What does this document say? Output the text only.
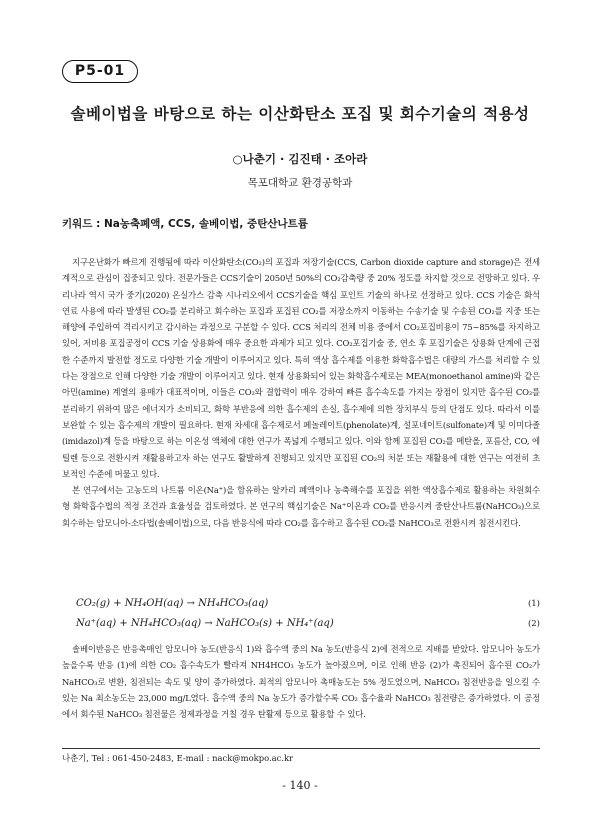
P5-01
솔베이법을 바탕으로 하는 이산화탄소 포집 및 회수기술의 적용성
○나춘기 · 김진태 · 조아라
목포대학교 환경공학과
키워드 : Na농축폐액, CCS, 솔베이법, 중탄산나트륨

지구온난화가 빠르게 진행됨에 따라 이산화탄소(CO₂)의 포집과 저장기술(CCS, Carbon dioxide capture and storage)은 전세계적으로 관심이 집중되고 있다. 전문가들은 CCS기술이 2050년 50%의 CO₂감축량 중 20% 정도를 차지할 것으로 전망하고 있다. 우리나라 역시 국가 중기(2020) 온실가스 감축 시나리오에서 CCS기술을 핵심 포인트 기술의 하나로 선정하고 있다. CCS 기술은 화석연료 사용에 따라 발생된 CO₂를 분리하고 회수하는 포집과 포집된 CO₂를 저장소까지 이동하는 수송기술 및 수송된 CO₂를 지중 또는 해양에 주입하여 격리시키고 감시하는 과정으로 구분할 수 있다. CCS 처리의 전체 비용 중에서 CO₂포집비용이 75~85%를 차지하고 있어, 저비용 포집공정이 CCS 기술 상용화에 매우 중요한 과제가 되고 있다. CO₂포집기술 중, 연소 후 포집기술은 상용화 단계에 근접한 수준까지 발전할 정도로 다양한 기술 개발이 이루어지고 있다. 특히 액상 흡수제를 이용한 화학흡수법은 대량의 가스를 처리할 수 있다는 장점으로 인해 다양한 기술 개발이 이루어지고 있다. 현재 상용화되어 있는 화학흡수제로는 MEA(monoethanol amine)와 같은 아민(amine) 계열의 용매가 대표적이며, 이들은 CO₂와 결합력이 매우 강하여 빠른 흡수속도를 가지는 장점이 있지만 흡수된 CO₂를 분리하기 위하여 많은 에너지가 소비되고, 화학 부반응에 의한 흡수제의 손실, 흡수제에 의한 장치부식 등의 단점도 있다. 따라서 이를 보완할 수 있는 흡수제의 개발이 필요하다. 현재 차세대 흡수제로서 페놀레이트(phenolate)계, 설포네이트(sulfonate)계 및 이미다졸(imidazol)계 등을 바탕으로 하는 이온성 액체에 대한 연구가 폭넓게 수행되고 있다. 이와 함께 포집된 CO₂를 메탄올, 포름산, CO, 에틸렌 등으로 전환시켜 재활용하고자 하는 연구도 활발하게 진행되고 있지만 포집된 CO₂의 처분 또는 재활용에 대한 연구는 여전히 초보적인 수준에 머물고 있다.

본 연구에서는 고농도의 나트륨 이온(Na⁺)을 함유하는 알카리 폐액이나 농축해수를 포집을 위한 액상흡수제로 활용하는 차원회수형 화학흡수법의 적정 조건과 효율성을 검토하였다. 본 연구의 핵심기술은 Na⁺이온과 CO₂를 반응시켜 중탄산나트륨(NaHCO₃)으로 회수하는 암모니아-소다법(솔베이법)으로, 다음 반응식에 따라 CO₂를 흡수하고 흡수된 CO₂를 NaHCO₃로 전환시켜 침전시킨다.

CO₂(g) + NH₄OH(aq) → NH₄HCO₃(aq)	(1)
Na⁺(aq) + NH₄HCO₃(aq) → NaHCO₃(s) + NH₄⁺(aq)	(2)

솔베이반응은 반응촉매인 암모니아 농도(반응식 1)와 흡수액 중의 Na 농도(반응식 2)에 전적으로 지배를 받았다. 암모니아 농도가 높을수록 반응 (1)에 의한 CO₂ 흡수속도가 빨라져 NH4HCO₃ 농도가 높아졌으며, 이로 인해 반응 (2)가 촉진되어 흡수된 CO₂가 NaHCO₃로 변환, 침전되는 속도 및 양이 증가하였다. 최적의 암모니아 촉매농도는 5% 정도였으며, NaHCO₃ 침전반응을 일으킬 수 있는 Na 최소농도는 23,000 mg/L였다. 흡수액 중의 Na 농도가 증가할수록 CO₂ 흡수율과 NaHCO₃ 침전량은 증가하였다. 이 공정에서 회수된 NaHCO₃ 침전물은 정제과정을 거칠 경우 탄활제 등으로 활용할 수 있다.

나춘기, Tel : 061-450-2483, E-mail : nack@mokpo.ac.kr
- 140 -
